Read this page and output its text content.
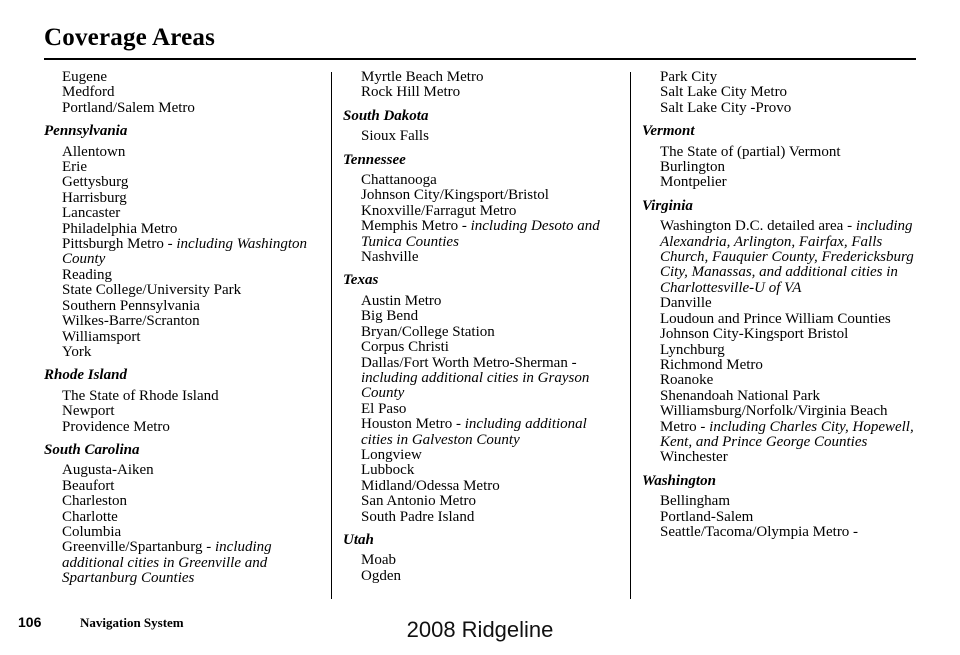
Coverage Areas
Eugene
Medford
Portland/Salem Metro
Pennsylvania
Allentown
Erie
Gettysburg
Harrisburg
Lancaster
Philadelphia Metro
Pittsburgh Metro - including Washington County
Reading
State College/University Park
Southern Pennsylvania
Wilkes-Barre/Scranton
Williamsport
York
Rhode Island
The State of Rhode Island
Newport
Providence Metro
South Carolina
Augusta-Aiken
Beaufort
Charleston
Charlotte
Columbia
Greenville/Spartanburg - including additional cities in Greenville and Spartanburg Counties
Myrtle Beach Metro
Rock Hill Metro
South Dakota
Sioux Falls
Tennessee
Chattanooga
Johnson City/Kingsport/Bristol
Knoxville/Farragut Metro
Memphis Metro - including Desoto and Tunica Counties
Nashville
Texas
Austin Metro
Big Bend
Bryan/College Station
Corpus Christi
Dallas/Fort Worth Metro-Sherman - including additional cities in Grayson County
El Paso
Houston Metro - including additional cities in Galveston County
Longview
Lubbock
Midland/Odessa Metro
San Antonio Metro
South Padre Island
Utah
Moab
Ogden
Park City
Salt Lake City Metro
Salt Lake City -Provo
Vermont
The State of (partial) Vermont
Burlington
Montpelier
Virginia
Washington D.C. detailed area - including Alexandria, Arlington, Fairfax, Falls Church, Fauquier County, Fredericksburg City, Manassas, and additional cities in Charlottesville-U of VA
Danville
Loudoun and Prince William Counties
Johnson City-Kingsport Bristol
Lynchburg
Richmond Metro
Roanoke
Shenandoah National Park
Williamsburg/Norfolk/Virginia Beach Metro - including Charles City, Hopewell, Kent, and Prince George Counties
Winchester
Washington
Bellingham
Portland-Salem
Seattle/Tacoma/Olympia Metro -
106	Navigation System	2008 Ridgeline
